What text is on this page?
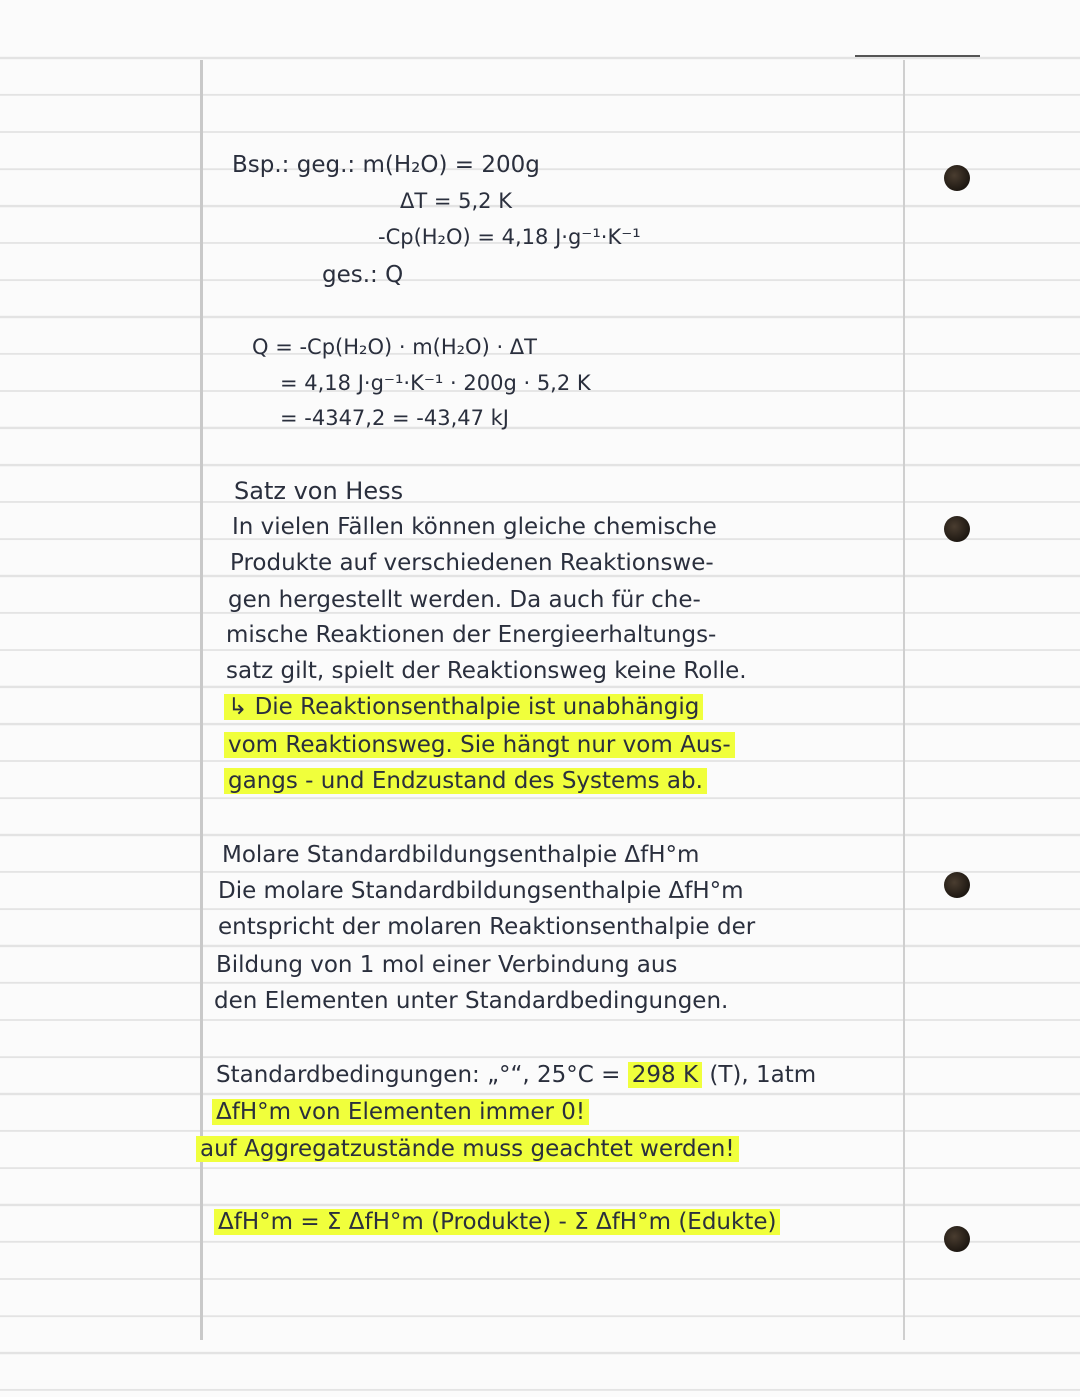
Bsp.: geg.: m(H₂O) = 200g
ΔT = 5,2 K
-Cp(H₂O) = 4,18 J·g⁻¹·K⁻¹
ges.: Q
Q = -Cp(H₂O) · m(H₂O) · ΔT
= 4,18 J·g⁻¹·K⁻¹ · 200g · 5,2 K
= -4347,2 = -43,47 kJ
Satz von Hess
In vielen Fällen können gleiche chemische
Produkte auf verschiedenen Reaktionswe-
gen hergestellt werden. Da auch für che-
mische Reaktionen der Energieerhaltungs-
satz gilt, spielt der Reaktionsweg keine Rolle.
↳ Die Reaktionsenthalpie ist unabhängig
vom Reaktionsweg. Sie hängt nur vom Aus-
gangs - und Endzustand des Systems ab.
Molare Standardbildungsenthalpie ΔfH°m
Die molare Standardbildungsenthalpie ΔfH°m
entspricht der molaren Reaktionsenthalpie der
Bildung von 1 mol einer Verbindung aus
den Elementen unter Standardbedingungen.
Standardbedingungen: „°“, 25°C = 298 K (T), 1atm
ΔfH°m von Elementen immer 0!
auf Aggregatzustände muss geachtet werden!
ΔfH°m = Σ ΔfH°m (Produkte) - Σ ΔfH°m (Edukte)
